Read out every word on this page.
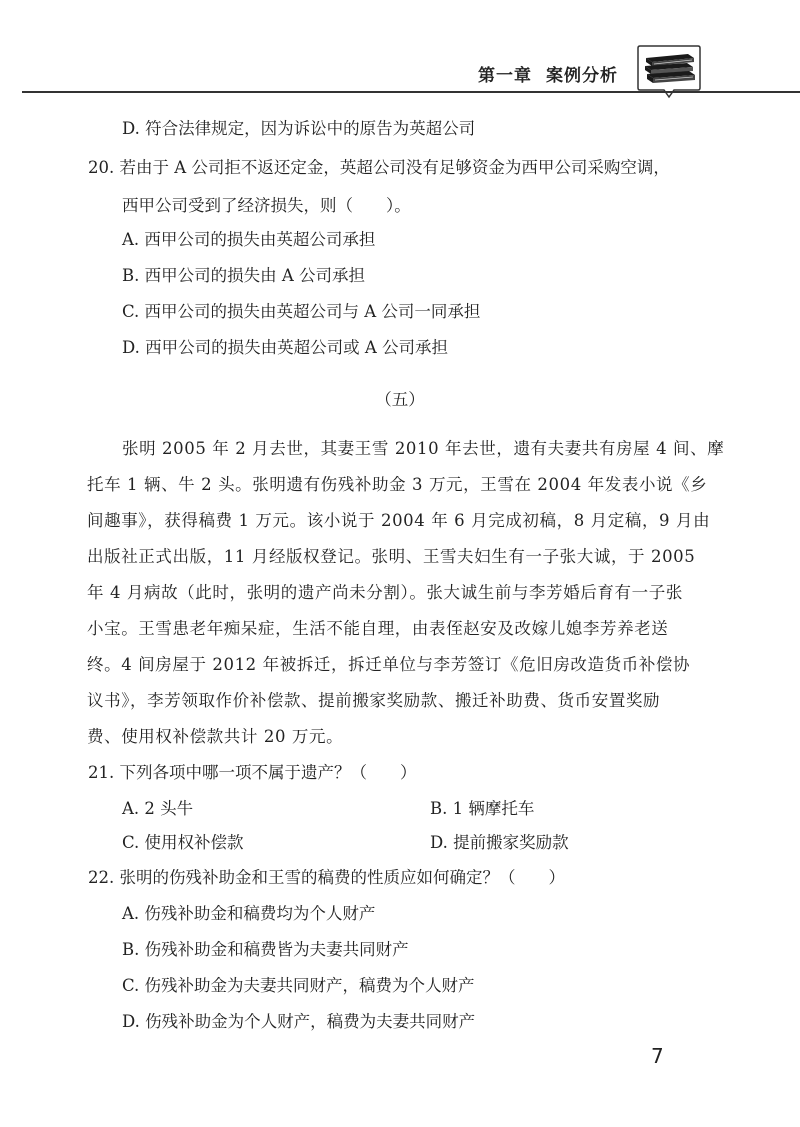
第一章 案例分析
D. 符合法律规定，因为诉讼中的原告为英超公司
20. 若由于 A 公司拒不返还定金，英超公司没有足够资金为西甲公司采购空调，
西甲公司受到了经济损失，则（　　）。
A. 西甲公司的损失由英超公司承担
B. 西甲公司的损失由 A 公司承担
C. 西甲公司的损失由英超公司与 A 公司一同承担
D. 西甲公司的损失由英超公司或 A 公司承担
（五）
张明 2005 年 2 月去世，其妻王雪 2010 年去世，遗有夫妻共有房屋 4 间、摩
托车 1 辆、牛 2 头。张明遗有伤残补助金 3 万元，王雪在 2004 年发表小说《乡
间趣事》，获得稿费 1 万元。该小说于 2004 年 6 月完成初稿，8 月定稿，9 月由
出版社正式出版，11 月经版权登记。张明、王雪夫妇生有一子张大诚，于 2005
年 4 月病故（此时，张明的遗产尚未分割）。张大诚生前与李芳婚后育有一子张
小宝。王雪患老年痴呆症，生活不能自理，由表侄赵安及改嫁儿媳李芳养老送
终。4 间房屋于 2012 年被拆迁，拆迁单位与李芳签订《危旧房改造货币补偿协
议书》，李芳领取作价补偿款、提前搬家奖励款、搬迁补助费、货币安置奖励
费、使用权补偿款共计 20 万元。
21. 下列各项中哪一项不属于遗产？（　　）
A. 2 头牛	B. 1 辆摩托车
C. 使用权补偿款	D. 提前搬家奖励款
22. 张明的伤残补助金和王雪的稿费的性质应如何确定？（　　）
A. 伤残补助金和稿费均为个人财产
B. 伤残补助金和稿费皆为夫妻共同财产
C. 伤残补助金为夫妻共同财产，稿费为个人财产
D. 伤残补助金为个人财产，稿费为夫妻共同财产
7
